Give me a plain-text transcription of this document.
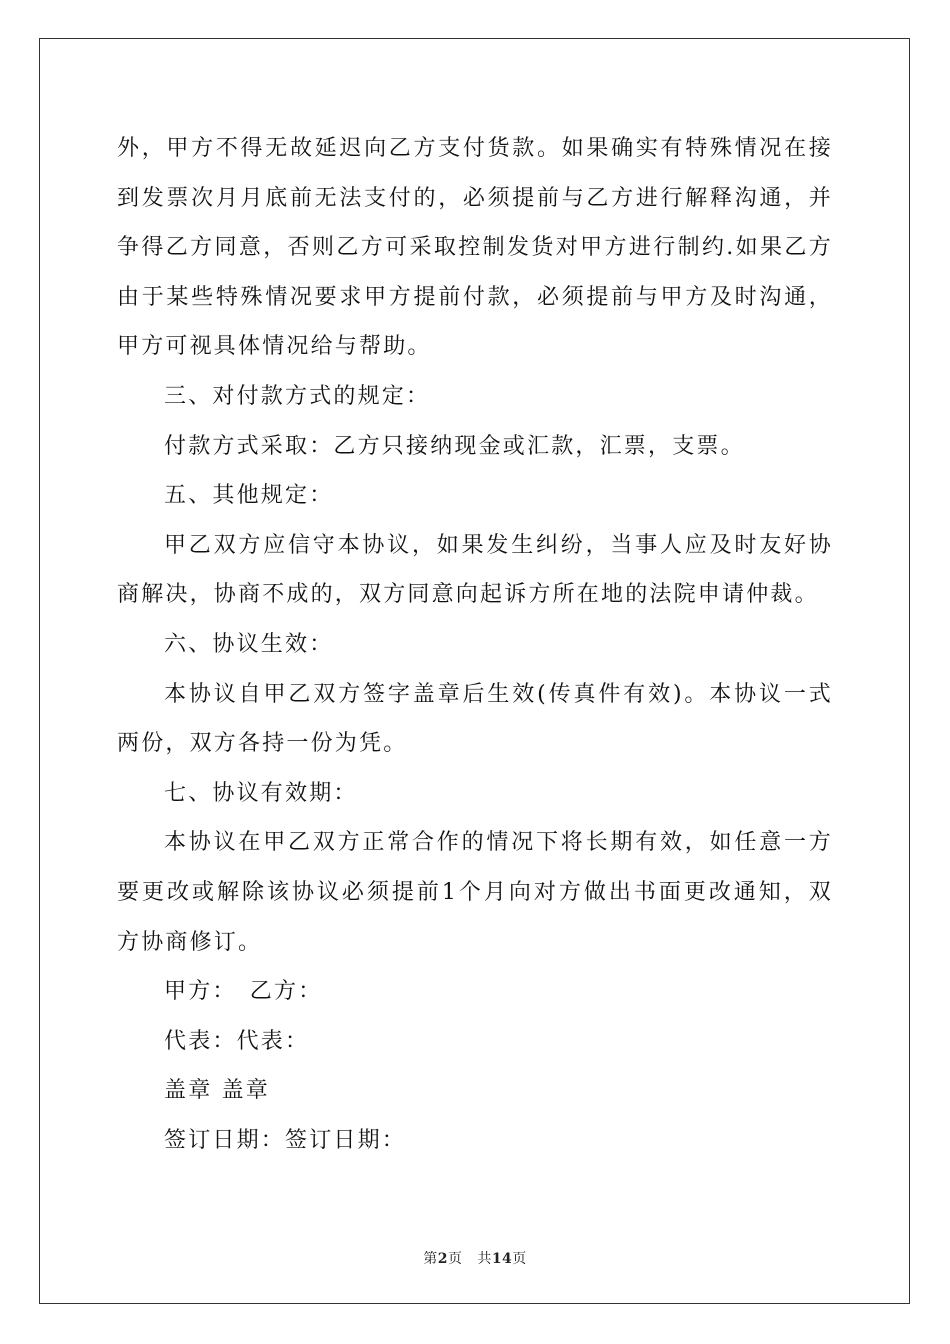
外，甲方不得无故延迟向乙方支付货款。如果确实有特殊情况在接到发票次月月底前无法支付的，必须提前与乙方进行解释沟通，并争得乙方同意，否则乙方可采取控制发货对甲方进行制约.如果乙方由于某些特殊情况要求甲方提前付款，必须提前与甲方及时沟通，甲方可视具体情况给与帮助。

三、对付款方式的规定：

付款方式采取：乙方只接纳现金或汇款，汇票，支票。

五、其他规定：

甲乙双方应信守本协议，如果发生纠纷，当事人应及时友好协商解决，协商不成的，双方同意向起诉方所在地的法院申请仲裁。

六、协议生效：

本协议自甲乙双方签字盖章后生效(传真件有效)。本协议一式两份，双方各持一份为凭。

七、协议有效期：

本协议在甲乙双方正常合作的情况下将长期有效，如任意一方要更改或解除该协议必须提前1个月向对方做出书面更改通知，双方协商修订。

甲方：　乙方：

代表：代表：

盖章 盖章

签订日期：签订日期：

第2页 共14页
